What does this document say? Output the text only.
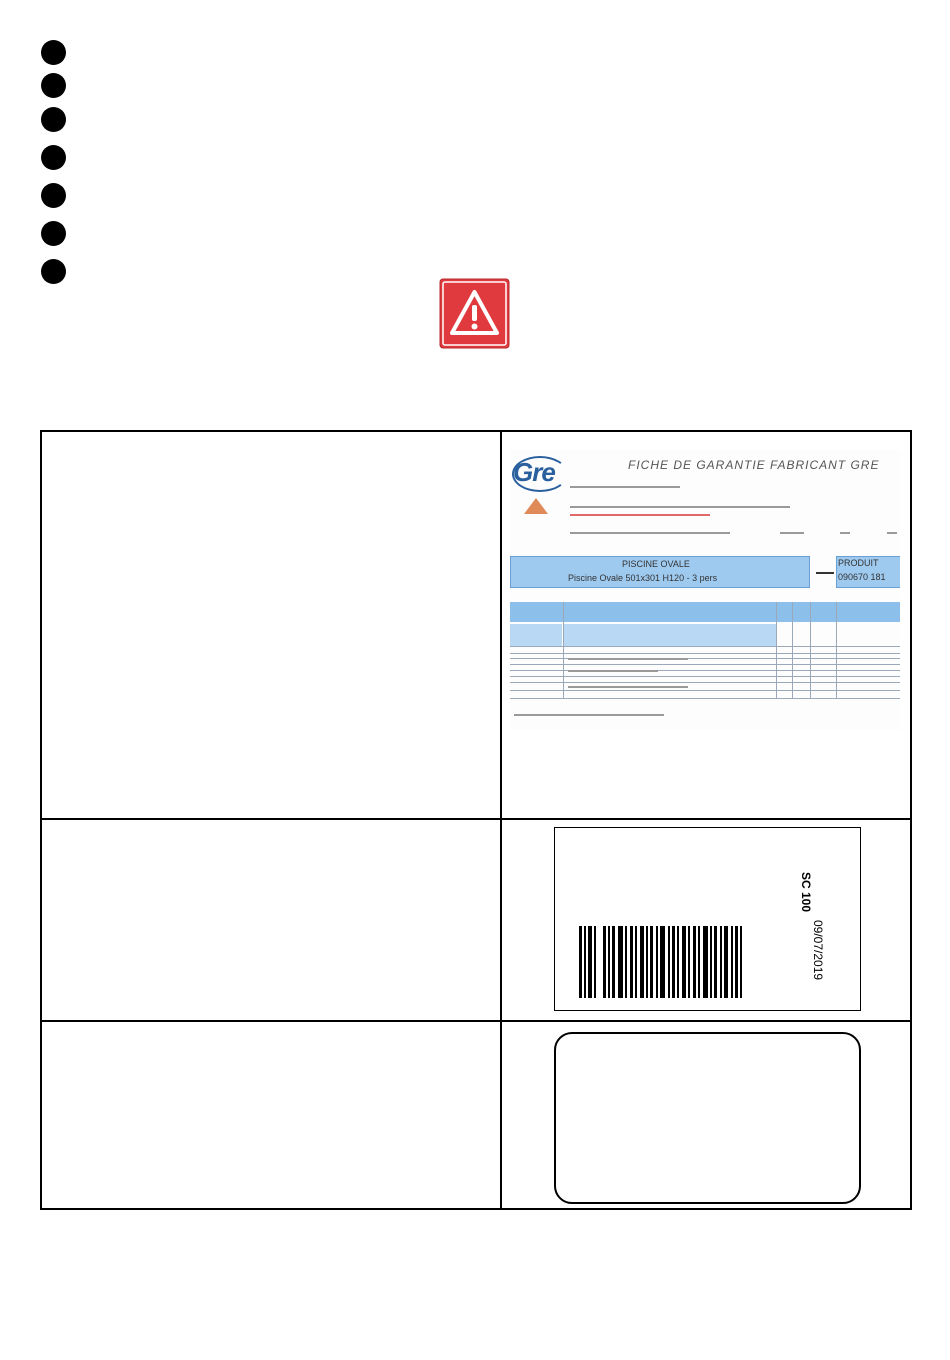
Gre	FICHE DE GARANTIE FABRICANT GRE
PISCINE OVALE
Piscine Ovale 501x301 H120 - 3 pers
PRODUIT
090670 181
09/07/2019
SC 100
